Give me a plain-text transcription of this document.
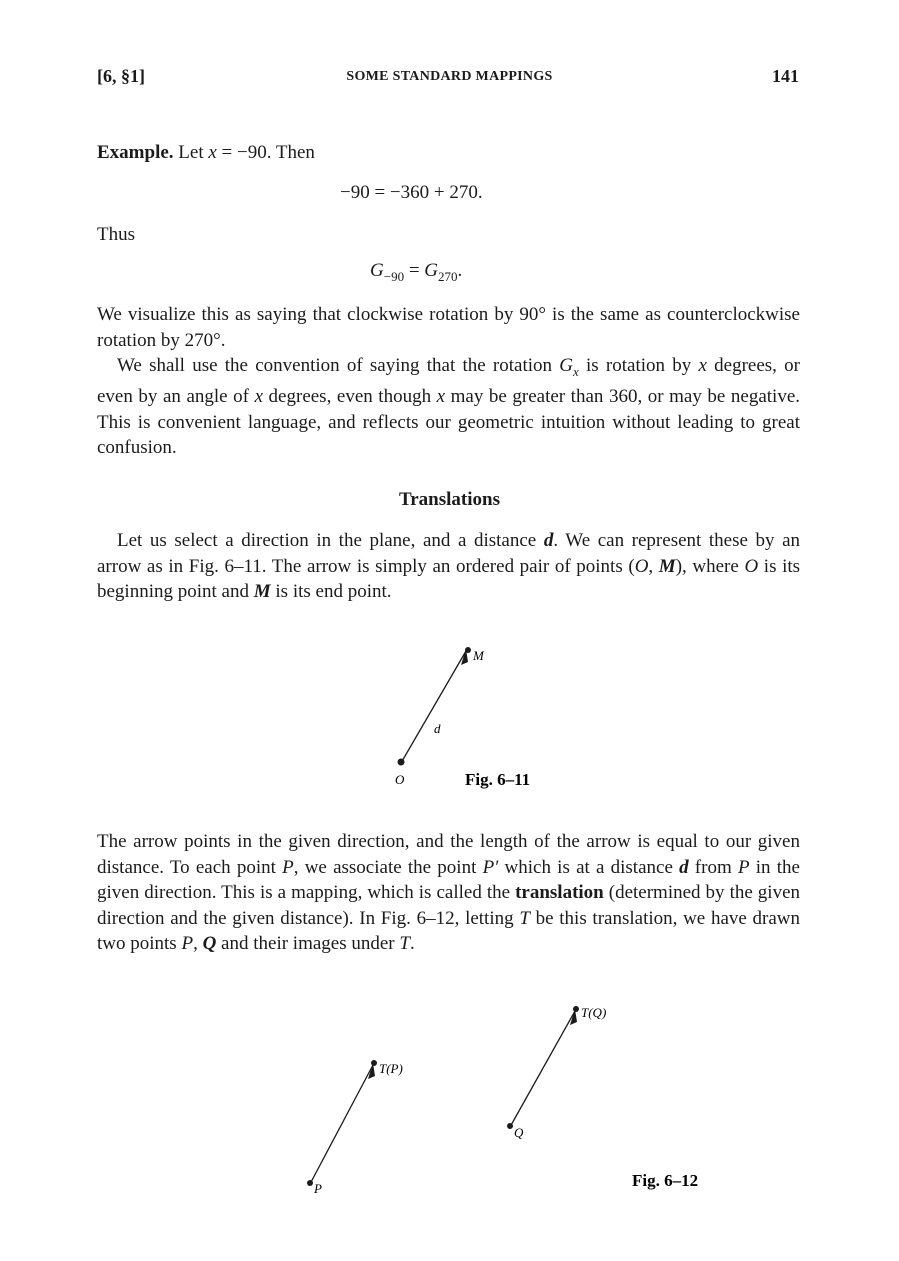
[6, §1]	SOME STANDARD MAPPINGS	141
Example. Let x = −90. Then
−90 = −360 + 270.
Thus
$G_{-90} = G_{270}$.
We visualize this as saying that clockwise rotation by 90° is the same as counterclockwise rotation by 270°.
We shall use the convention of saying that the rotation $G_x$ is rotation by x degrees, or even by an angle of x degrees, even though x may be greater than 360, or may be negative. This is convenient language, and reflects our geometric intuition without leading to great confusion.
Translations
Let us select a direction in the plane, and a distance d. We can represent these by an arrow as in Fig. 6–11. The arrow is simply an ordered pair of points (O, M), where O is its beginning point and M is its end point.
M
d
O	Fig. 6–11
The arrow points in the given direction, and the length of the arrow is equal to our given distance. To each point P, we associate the point P′ which is at a distance d from P in the given direction. This is a mapping, which is called the translation (determined by the given direction and the given distance). In Fig. 6–12, letting T be this translation, we have drawn two points P, Q and their images under T.
T(P)
P
T(Q)
Q
Fig. 6–12
